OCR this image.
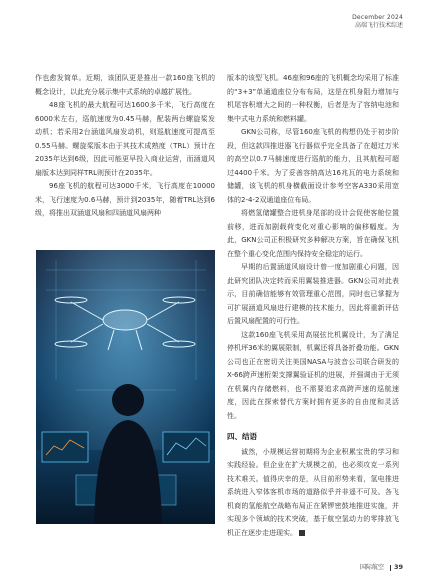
December 2024
高端飞行技术综述

作也愈发简单。近期，该团队更是推出一款160座飞机的概念设计，以此充分展示集中式系统的卓越扩展性。

48座飞机的最大航程可达1600多千米，飞行高度在6000米左右，巡航速度为0.45马赫，配装两台螺旋桨发动机；若采用2台涵道风扇发动机，则巡航速度可提高至0.55马赫。螺旋桨版本由于其技术成熟度（TRL）预计在2035年达到6级，因此可能更早投入商业运营，而涵道风扇版本达到同样TRL则预计在2035年。

96座飞机的航程可达3000千米，飞行高度在10000米，飞行速度为0.6马赫，预计到2035年，随着TRL达到6级，将推出双涵道风扇和四涵道风扇两种

版本的该型飞机。46座和96座的飞机概念均采用了标准的“3+3”单通道座位分布布局，这是在机身阻力增加与机尾容积增大之间的一种权衡，后者是为了容纳电池和集中式电力系统和燃料罐。

GKN公司称，尽管160座飞机的构想仍处于初步阶段，但这款四推进器飞行器似乎完全具备了在超过万米的高空以0.7马赫速度进行巡航的能力，且其航程可超过4400千米。为了妥善容纳高达16兆瓦的电力系统和储罐，该飞机的机身横截面设计参考空客A330采用宽体的2-4-2双通道座位布局。

将燃氢储罐整合进机身尾部的设计会促使客舱位置前移，进而加剧载荷变化对重心影响的偏移幅度。为此，GKN公司正积极研究多种解决方案，旨在确保飞机在整个重心变化范围内保持安全稳定的运行。

早期的后置涵道风扇设计曾一度加剧重心问题，因此研究团队决定转而采用翼装推进器。GKN公司对此表示，目前确信能够有效管理重心范围，同时也已掌握为可扩展涵道风扇进行建模的技术能力，因此将重新评估后置风扇配置的可行性。

这款160座飞机采用高展弦比机翼设计，为了满足停机坪36米的翼展限制，机翼还将具备折叠功能。GKN公司也正在密切关注美国NASA与波音公司联合研发的X-66跨声速桁架支撑翼验证机的进展，并强调由于无须在机翼内存储燃料，也不需要追求高跨声速的巡航速度，因此在探索替代方案时拥有更多的自由度和灵活性。

四、结语

诚然，小规模运营初期将为企业积累宝贵的学习和实践经验。但企业在扩大规模之前，也必须攻克一系列技术难关。值得庆幸的是，从目前形势来看，氢电推进系统进入窄体客机市场的道路似乎并非遥不可及。各飞机商的氢能航空战略布局正在紧锣密鼓地推进实施，并实现多个领域的技术突破，基于航空氢动力的零排放飞机正在逐步走进现实。

国际航空 39
